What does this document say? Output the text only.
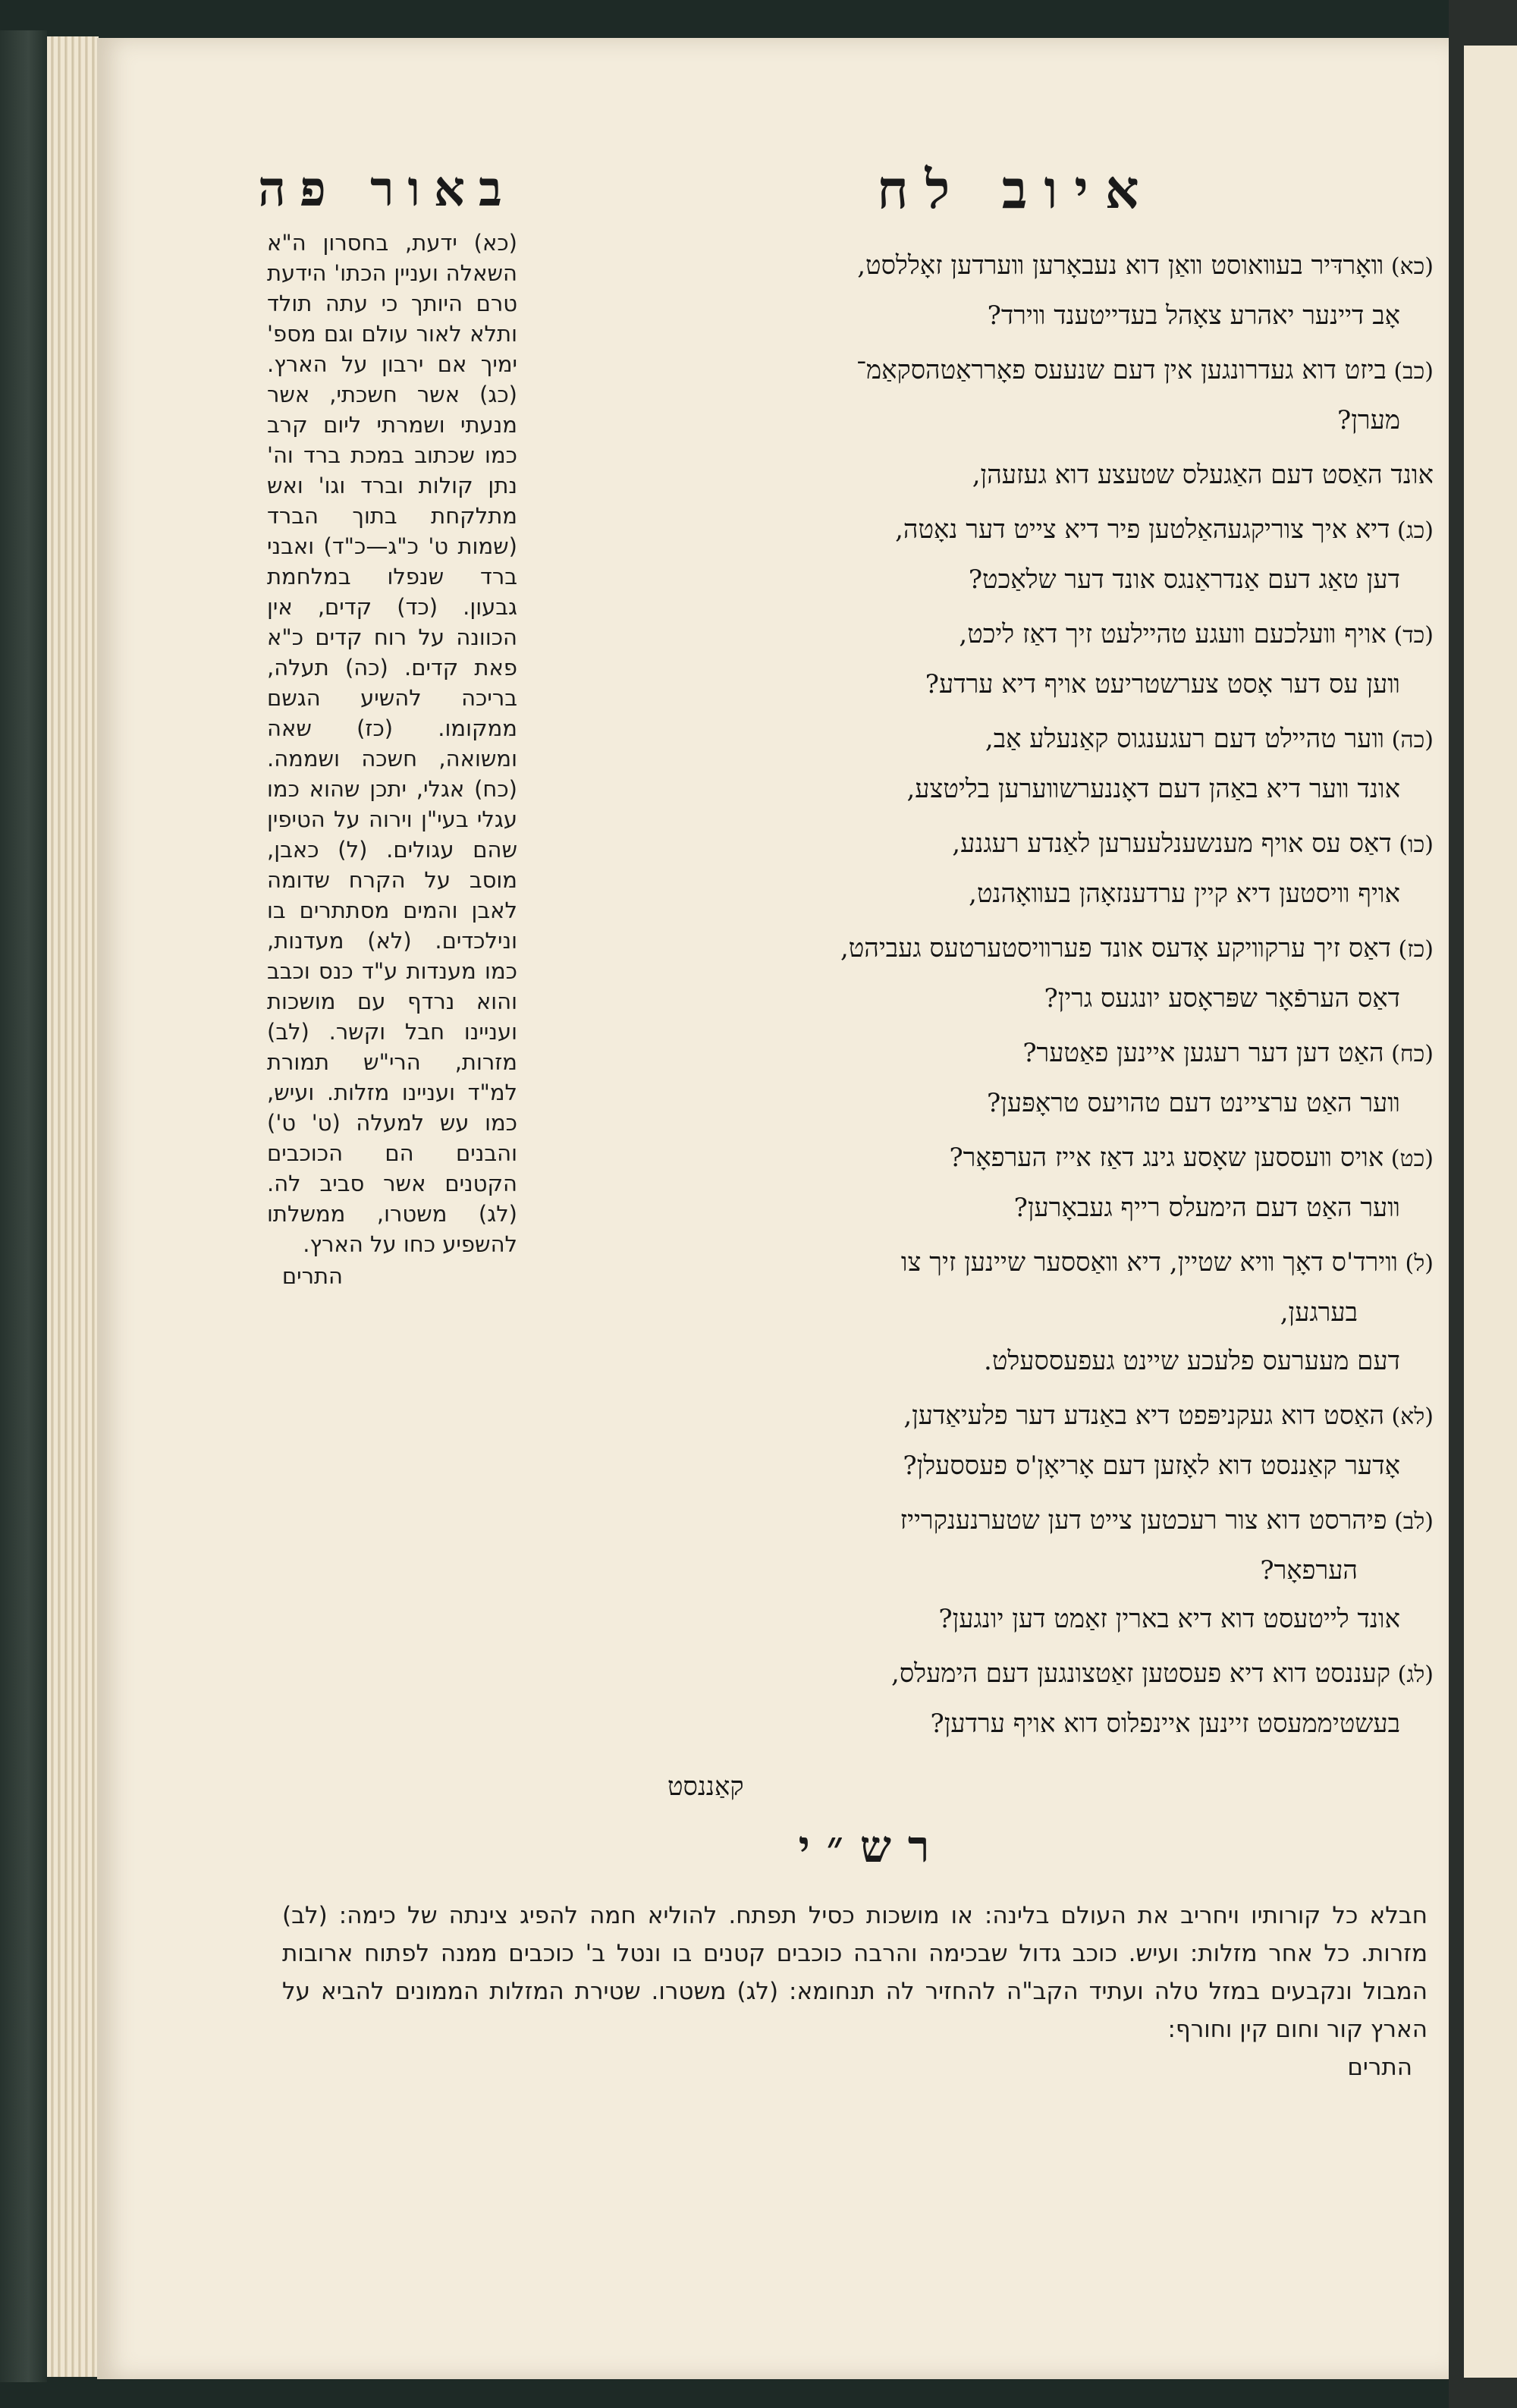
באור פה	איוב לח

(כא) ידעת, בחסרון ה"א השאלה ועניין הכתו' הידעת טרם היותך כי עתה תולד ותלא לאור עולם וגם מספ' ימיך אם ירבון על הארץ. (כג) אשר חשכתי, אשר מנעתי ושמרתי ליום קרב כמו שכתוב במכת ברד וה' נתן קולות וברד וגו' ואש מתלקחת בתוך הברד (שמות ט' כ"ג—כ"ד) ואבני ברד שנפלו במלחמת גבעון. (כד) קדים, אין הכוונה על רוח קדים כ"א פאת קדים. (כה) תעלה, בריכה להשיע הגשם ממקומו. (כז) שאה ומשואה, חשכה ושממה. (כח) אגלי, יתכן שהוא כמו עגלי בעי"ן וירוה על הטיפין שהם עגולים. (ל) כאבן, מוסב על הקרח שדומה לאבן והמים מסתתרים בו ונילכדים. (לא) מעדנות, כמו מענדות ע"ד כנס וכבב והוא נרדף עם מושכות ועניינו חבל וקשר. (לב) מזרות, הרי"ש תמורת למ"ד ועניינו מזלות. ועיש, כמו עש למעלה (ט' ט') והבנים הם הכוכבים הקטנים אשר סביב לה. (לג) משטרו, ממשלתו להשפיע כחו על הארץ.

התרים
(כא) װאָרדּיר בעװאוסט װאַן דוא נעבאָרען װערדען זאָללסט,
אָב דיינער יאהרע צאָהל בעדייטענד װירד?
(כב) ביזט דוא געדרונגען אין דעם שנעעס פאָרראַטהסקאַמ־
מערן?
אונד האַסט דעם האַגעלס שטעצע דוא געזעהן,
(כג) דיא איך צוריקגעהאַלטען פיר דיא צייט דער נאָטה,
דען טאַג דעם אַנדראַנגס אונד דער שלאַכט?
(כד) אויף װעלכעם װעגע טהיילעט זיך דאַז ליכט,
װען עס דער אָסט צערשטריעט אויף דיא ערדע?
(כה) װער טהיילט דעם רעגענגוס קאַנעלע אַב,
אונד װער דיא באַהן דעם דאָננערשװערען בליטצע,
(כו) דאַס עס אויף מענשענלעערען לאַנדע רעגנע,
אויף װיסטען דיא קיין ערדענזאָהן בעװאָהנט,
(כז) דאַס זיך ערקװיקע אָדעס אונד פערװיסטערטעס געביהט,
דאַס הערפֿאָר שפּראָסע יונגעס גרין?
(כח) האַט דען דער רעגען איינען פאַטער?
װער האַט ערציינט דעם טהויעס טראָפּען?
(כט) אויס װעססען שאָסע גינג דאַז אייז הערפאָר?
װער האַט דעם הימעלס רייף געבאָרען?
(ל) װירד'ס דאָך װיא שטיין, דיא װאַססער שיינען זיך צו
בערגען,
דעם מעערעס פלעכע שיינט געפעססעלט.
(לא) האַסט דוא געקניפּפט דיא באַנדע דער פלעיאַדען,
אָדער קאַננסט דוא לאָזען דעם אָריאָן'ס פעססעלן?
(לב) פיהרסט דוא צור רעכטען צייט דען שטערנענקרייז
הערפאָר?
אונד לייטעסט דוא דיא בארין זאַמט דען יונגען?
(לג) קעננסט דוא דיא פעסטען זאַטצונגען דעם הימעלס,
בעשטיממעסט זיינען איינפלוס דוא אויף ערדען?
קאַננסט
רש״י
חבלא כל קורותיו ויחריב את העולם בלינה: או מושכות כסיל תפתח. להוליא חמה להפיג צינתה של כימה: (לב) מזרות. כל אחר מזלות: ועיש. כוכב גדול שבכימה והרבה כוכבים קטנים בו ונטל ב' כוכבים ממנה לפתוח ארובות המבול ונקבעים במזל טלה ועתיד הקב"ה להחזיר לה תנחומא: (לג) משטרו. שטירת המזלות הממונים להביא על הארץ קור וחום קין וחורף:
התרים
